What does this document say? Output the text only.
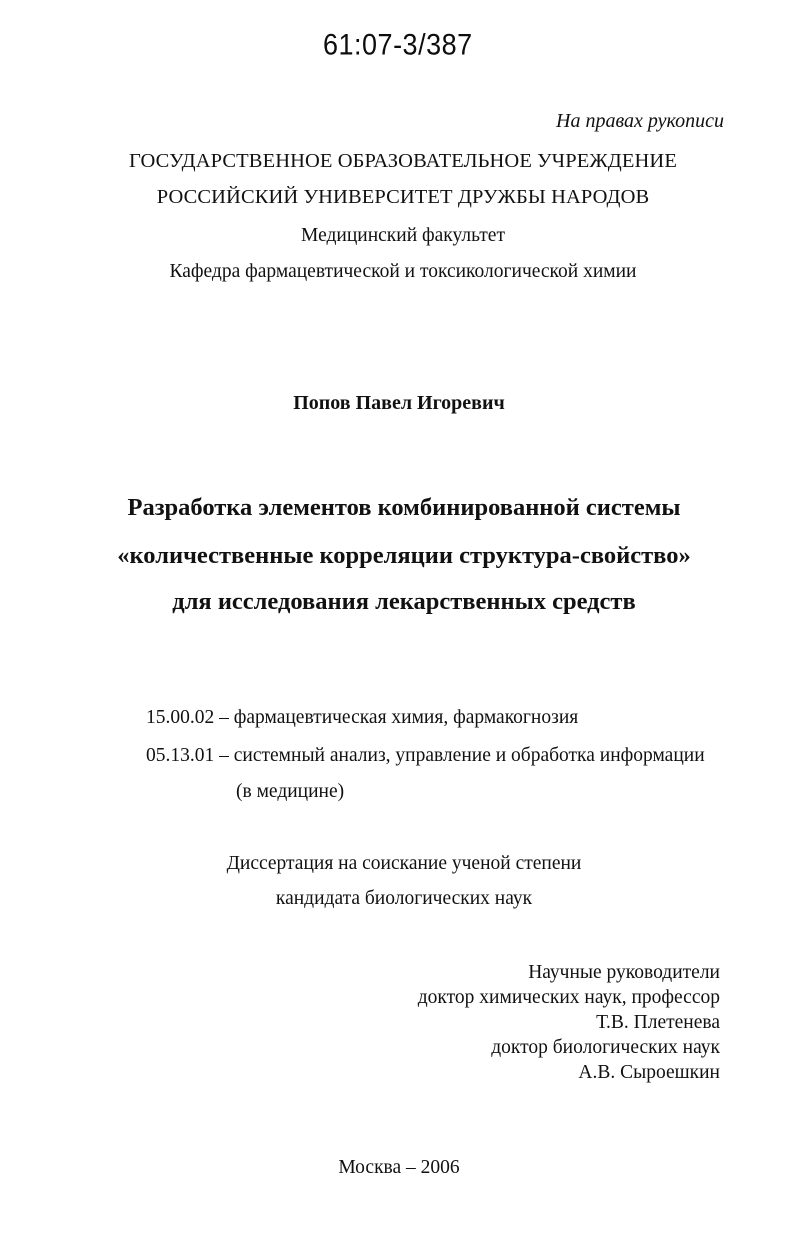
61:07-3/387
На правах рукописи
ГОСУДАРСТВЕННОЕ ОБРАЗОВАТЕЛЬНОЕ УЧРЕЖДЕНИЕ
РОССИЙСКИЙ УНИВЕРСИТЕТ ДРУЖБЫ НАРОДОВ
Медицинский факультет
Кафедра фармацевтической и токсикологической химии
Попов Павел Игоревич
Разработка элементов комбинированной системы
«количественные корреляции структура-свойство»
для исследования лекарственных средств
15.00.02 – фармацевтическая химия, фармакогнозия
05.13.01 – системный анализ, управление и обработка информации
(в медицине)
Диссертация на соискание ученой степени
кандидата биологических наук
Научные руководители
доктор химических наук, профессор
Т.В. Плетенева
доктор биологических наук
А.В. Сыроешкин
Москва – 2006
